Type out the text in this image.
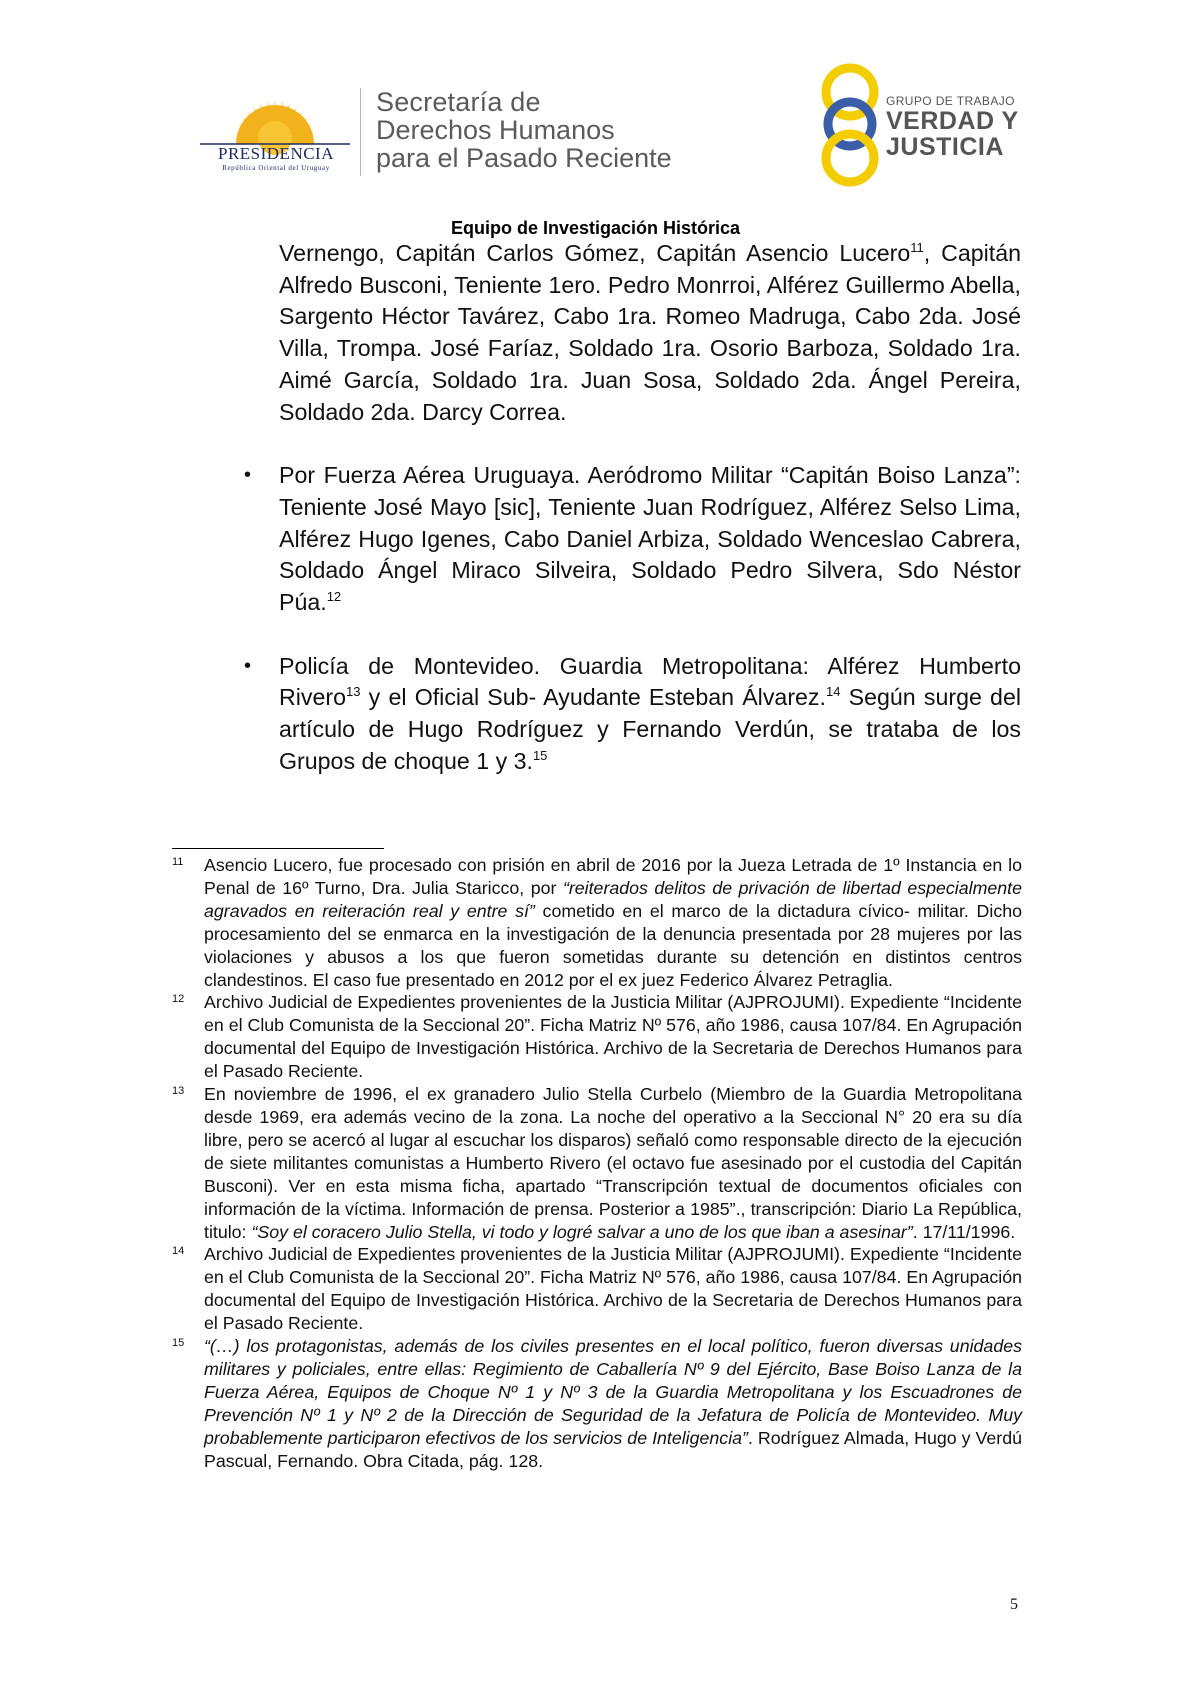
PRESIDENCIA
República Oriental del Uruguay
Secretaría de
Derechos Humanos
para el Pasado Reciente
GRUPO DE TRABAJO
VERDAD Y
JUSTICIA
Equipo de Investigación Histórica

Vernengo, Capitán Carlos Gómez, Capitán Asencio Lucero$^{11}$, Capitán Alfredo Busconi, Teniente 1ero. Pedro Monrroi, Alférez Guillermo Abella, Sargento Héctor Tavárez, Cabo 1ra. Romeo Madruga, Cabo 2da. José Villa, Trompa. José Faríaz, Soldado 1ra. Osorio Barboza, Soldado 1ra. Aimé García, Soldado 1ra. Juan Sosa, Soldado 2da. Ángel Pereira, Soldado 2da. Darcy Correa.

• Por Fuerza Aérea Uruguaya. Aeródromo Militar “Capitán Boiso Lanza”: Teniente José Mayo [sic], Teniente Juan Rodríguez, Alférez Selso Lima, Alférez Hugo Igenes, Cabo Daniel Arbiza, Soldado Wenceslao Cabrera, Soldado Ángel Miraco Silveira, Soldado Pedro Silvera, Sdo Néstor Púa.$^{12}$

• Policía de Montevideo. Guardia Metropolitana: Alférez Humberto Rivero$^{13}$ y el Oficial Sub- Ayudante Esteban Álvarez.$^{14}$ Según surge del artículo de Hugo Rodríguez y Fernando Verdún, se trataba de los Grupos de choque 1 y 3.15

11 Asencio Lucero, fue procesado con prisión en abril de 2016 por la Jueza Letrada de 1º Instancia en lo Penal de 16º Turno, Dra. Julia Staricco, por “reiterados delitos de privación de libertad especialmente agravados en reiteración real y entre sí” cometido en el marco de la dictadura cívico- militar. Dicho procesamiento del se enmarca en la investigación de la denuncia presentada por 28 mujeres por las violaciones y abusos a los que fueron sometidas durante su detención en distintos centros clandestinos. El caso fue presentado en 2012 por el ex juez Federico Álvarez Petraglia.

12 Archivo Judicial de Expedientes provenientes de la Justicia Militar (AJPROJUMI). Expediente “Incidente en el Club Comunista de la Seccional 20”. Ficha Matriz Nº 576, año 1986, causa 107/84. En Agrupación documental del Equipo de Investigación Histórica. Archivo de la Secretaria de Derechos Humanos para el Pasado Reciente.

13 En noviembre de 1996, el ex granadero Julio Stella Curbelo (Miembro de la Guardia Metropolitana desde 1969, era además vecino de la zona. La noche del operativo a la Seccional N° 20 era su día libre, pero se acercó al lugar al escuchar los disparos) señaló como responsable directo de la ejecución de siete militantes comunistas a Humberto Rivero (el octavo fue asesinado por el custodia del Capitán Busconi). Ver en esta misma ficha, apartado “Transcripción textual de documentos oficiales con información de la víctima. Información de prensa. Posterior a 1985”., transcripción: Diario La República, titulo: “Soy el coracero Julio Stella, vi todo y logré salvar a uno de los que iban a asesinar”. 17/11/1996.

14 Archivo Judicial de Expedientes provenientes de la Justicia Militar (AJPROJUMI). Expediente “Incidente en el Club Comunista de la Seccional 20”. Ficha Matriz Nº 576, año 1986, causa 107/84. En Agrupación documental del Equipo de Investigación Histórica. Archivo de la Secretaria de Derechos Humanos para el Pasado Reciente.

15 “(…) los protagonistas, además de los civiles presentes en el local político, fueron diversas unidades militares y policiales, entre ellas: Regimiento de Caballería Nº 9 del Ejército, Base Boiso Lanza de la Fuerza Aérea, Equipos de Choque Nº 1 y Nº 3 de la Guardia Metropolitana y los Escuadrones de Prevención Nº 1 y Nº 2 de la Dirección de Seguridad de la Jefatura de Policía de Montevideo. Muy probablemente participaron efectivos de los servicios de Inteligencia”. Rodríguez Almada, Hugo y Verdú Pascual, Fernando. Obra Citada, pág. 128.

5
